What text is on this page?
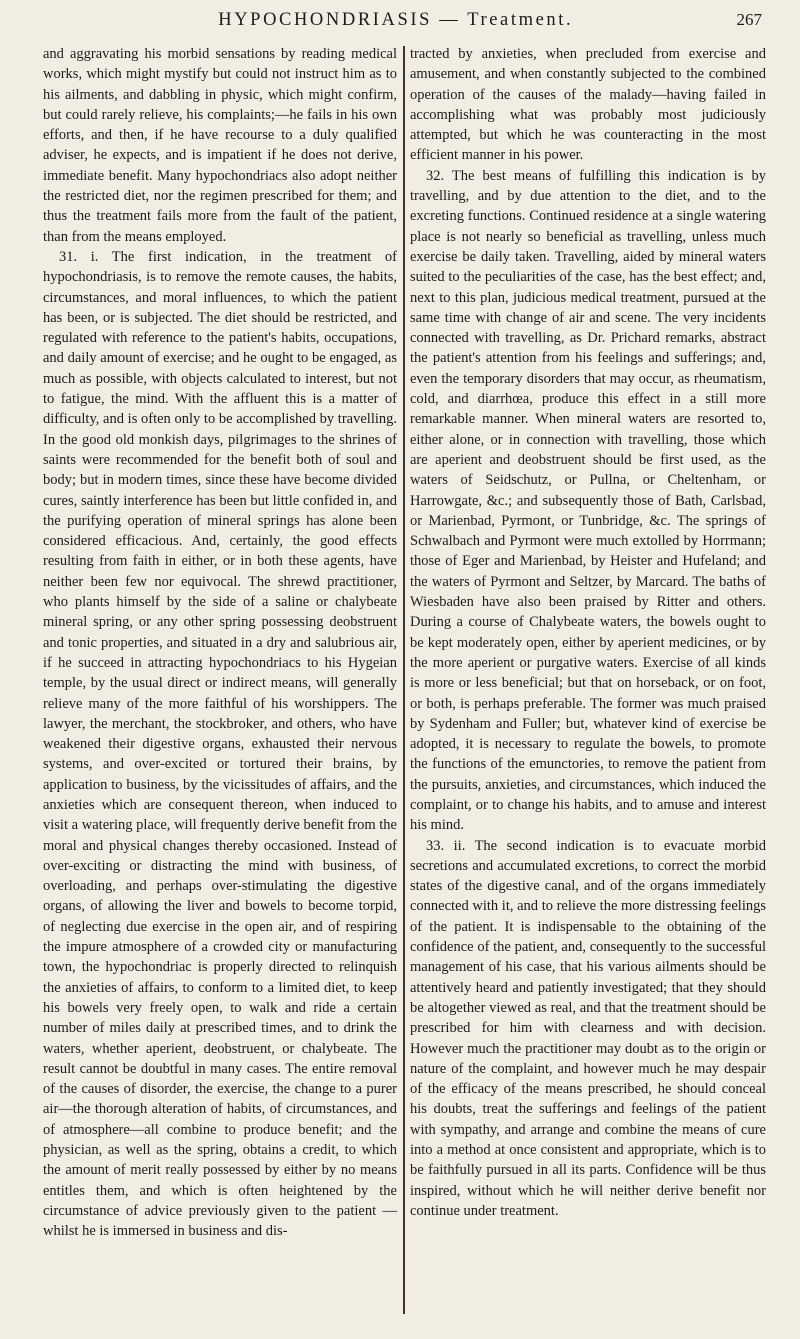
HYPOCHONDRIASIS — Treatment.	267

and aggravating his morbid sensations by reading medical works, which might mystify but could not instruct him as to his ailments, and dabbling in physic, which might confirm, but could rarely relieve, his complaints;—he fails in his own efforts, and then, if he have recourse to a duly qualified adviser, he expects, and is impatient if he does not derive, immediate benefit. Many hypochondriacs also adopt neither the restricted diet, nor the regimen prescribed for them; and thus the treatment fails more from the fault of the patient, than from the means employed.

31. i. The first indication, in the treatment of hypochondriasis, is to remove the remote causes, the habits, circumstances, and moral influences, to which the patient has been, or is subjected. The diet should be restricted, and regulated with reference to the patient's habits, occupations, and daily amount of exercise; and he ought to be engaged, as much as possible, with objects calculated to interest, but not to fatigue, the mind. With the affluent this is a matter of difficulty, and is often only to be accomplished by travelling. In the good old monkish days, pilgrimages to the shrines of saints were recommended for the benefit both of soul and body; but in modern times, since these have become divided cures, saintly interference has been but little confided in, and the purifying operation of mineral springs has alone been considered efficacious. And, certainly, the good effects resulting from faith in either, or in both these agents, have neither been few nor equivocal. The shrewd practitioner, who plants himself by the side of a saline or chalybeate mineral spring, or any other spring possessing deobstruent and tonic properties, and situated in a dry and salubrious air, if he succeed in attracting hypochondriacs to his Hygeian temple, by the usual direct or indirect means, will generally relieve many of the more faithful of his worshippers. The lawyer, the merchant, the stockbroker, and others, who have weakened their digestive organs, exhausted their nervous systems, and over-excited or tortured their brains, by application to business, by the vicissitudes of affairs, and the anxieties which are consequent thereon, when induced to visit a watering place, will frequently derive benefit from the moral and physical changes thereby occasioned. Instead of over-exciting or distracting the mind with business, of overloading, and perhaps over-stimulating the digestive organs, of allowing the liver and bowels to become torpid, of neglecting due exercise in the open air, and of respiring the impure atmosphere of a crowded city or manufacturing town, the hypochondriac is properly directed to relinquish the anxieties of affairs, to conform to a limited diet, to keep his bowels very freely open, to walk and ride a certain number of miles daily at prescribed times, and to drink the waters, whether aperient, deobstruent, or chalybeate. The result cannot be doubtful in many cases. The entire removal of the causes of disorder, the exercise, the change to a purer air—the thorough alteration of habits, of circumstances, and of atmosphere—all combine to produce benefit; and the physician, as well as the spring, obtains a credit, to which the amount of merit really possessed by either by no means entitles them, and which is often heightened by the circumstance of advice previously given to the patient — whilst he is immersed in business and dis-

tracted by anxieties, when precluded from exercise and amusement, and when constantly subjected to the combined operation of the causes of the malady—having failed in accomplishing what was probably most judiciously attempted, but which he was counteracting in the most efficient manner in his power.

32. The best means of fulfilling this indication is by travelling, and by due attention to the diet, and to the excreting functions. Continued residence at a single watering place is not nearly so beneficial as travelling, unless much exercise be daily taken. Travelling, aided by mineral waters suited to the peculiarities of the case, has the best effect; and, next to this plan, judicious medical treatment, pursued at the same time with change of air and scene. The very incidents connected with travelling, as Dr. Prichard remarks, abstract the patient's attention from his feelings and sufferings; and, even the temporary disorders that may occur, as rheumatism, cold, and diarrhœa, produce this effect in a still more remarkable manner. When mineral waters are resorted to, either alone, or in connection with travelling, those which are aperient and deobstruent should be first used, as the waters of Seidschutz, or Pullna, or Cheltenham, or Harrowgate, &c.; and subsequently those of Bath, Carlsbad, or Marienbad, Pyrmont, or Tunbridge, &c. The springs of Schwalbach and Pyrmont were much extolled by Horrmann; those of Eger and Marienbad, by Heister and Hufeland; and the waters of Pyrmont and Seltzer, by Marcard. The baths of Wiesbaden have also been praised by Ritter and others. During a course of Chalybeate waters, the bowels ought to be kept moderately open, either by aperient medicines, or by the more aperient or purgative waters. Exercise of all kinds is more or less beneficial; but that on horseback, or on foot, or both, is perhaps preferable. The former was much praised by Sydenham and Fuller; but, whatever kind of exercise be adopted, it is necessary to regulate the bowels, to promote the functions of the emunctories, to remove the patient from the pursuits, anxieties, and circumstances, which induced the complaint, or to change his habits, and to amuse and interest his mind.

33. ii. The second indication is to evacuate morbid secretions and accumulated excretions, to correct the morbid states of the digestive canal, and of the organs immediately connected with it, and to relieve the more distressing feelings of the patient. It is indispensable to the obtaining of the confidence of the patient, and, consequently to the successful management of his case, that his various ailments should be attentively heard and patiently investigated; that they should be altogether viewed as real, and that the treatment should be prescribed for him with clearness and with decision. However much the practitioner may doubt as to the origin or nature of the complaint, and however much he may despair of the efficacy of the means prescribed, he should conceal his doubts, treat the sufferings and feelings of the patient with sympathy, and arrange and combine the means of cure into a method at once consistent and appropriate, which is to be faithfully pursued in all its parts. Confidence will be thus inspired, without which he will neither derive benefit nor continue under treatment.
